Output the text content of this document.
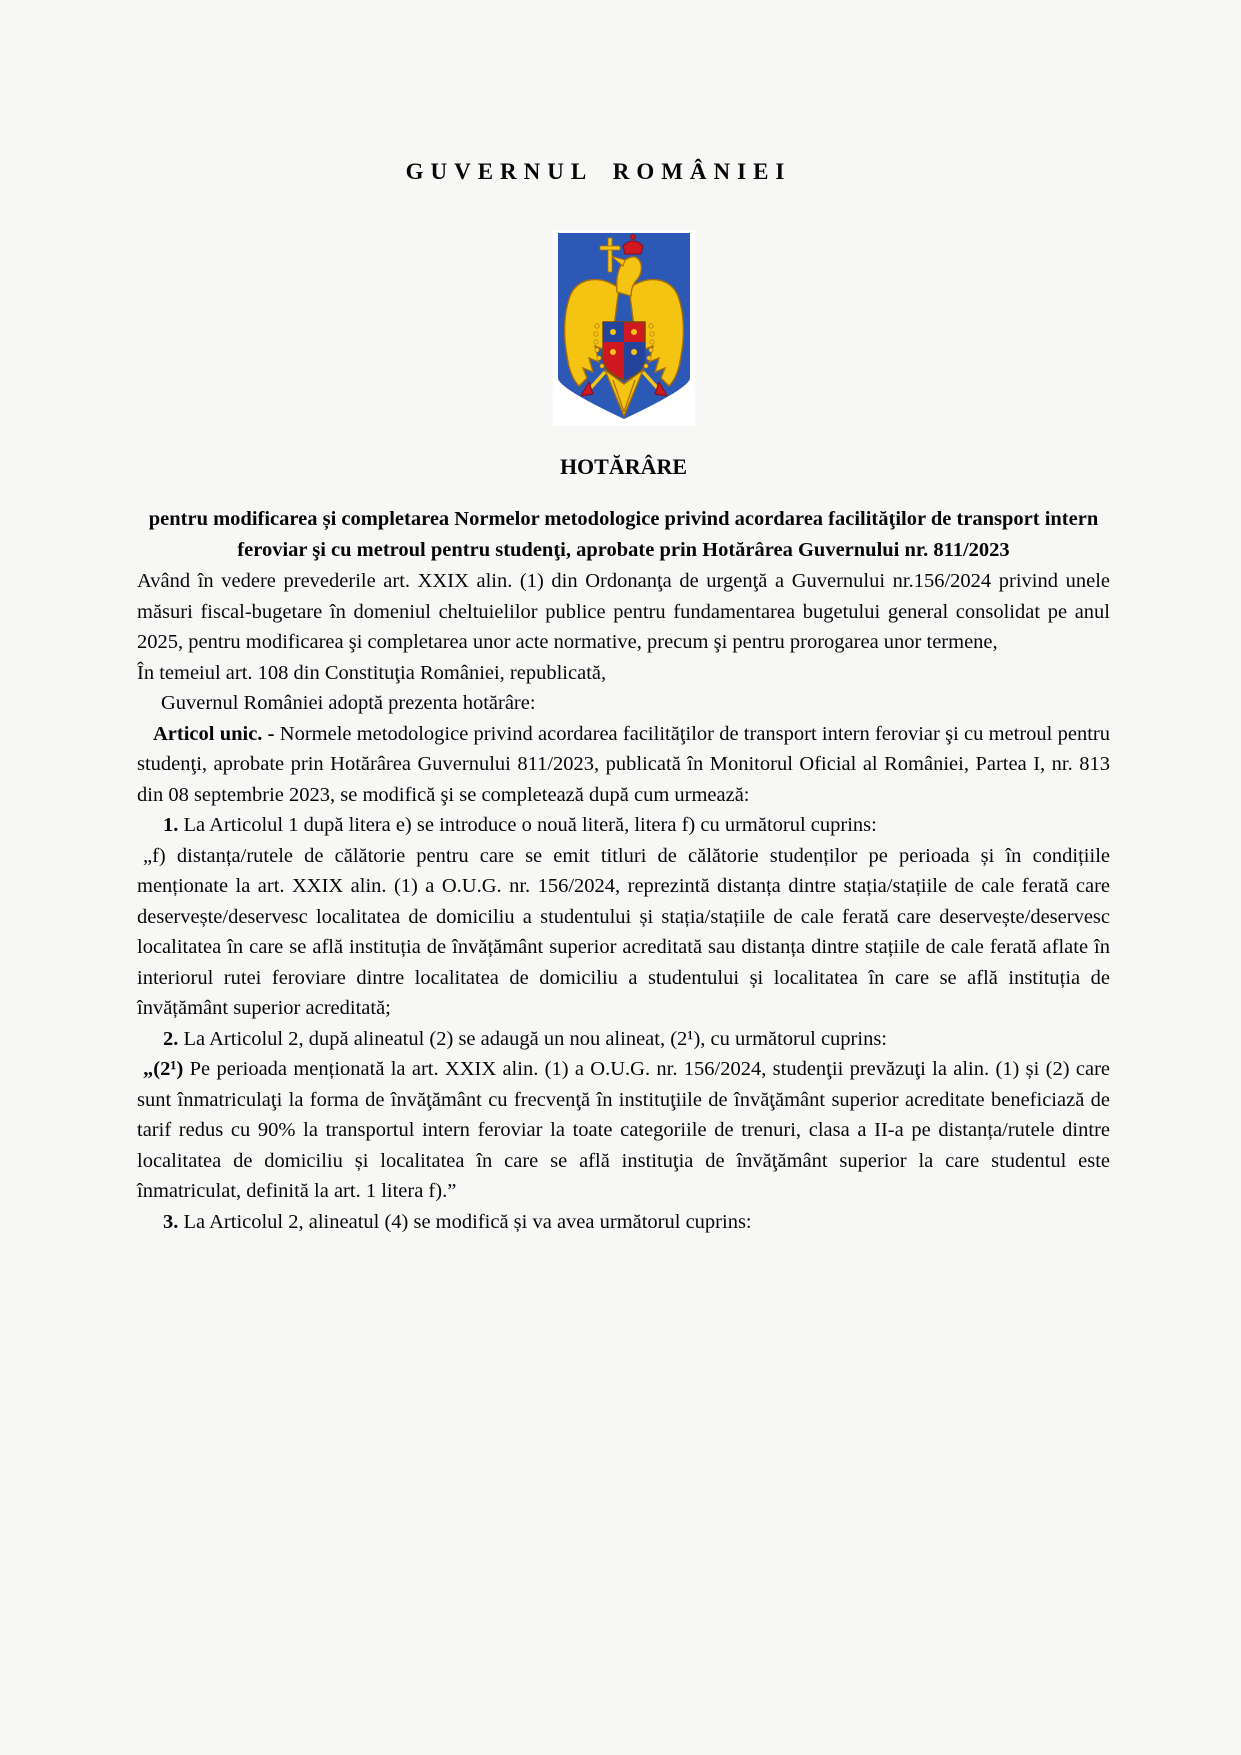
GUVERNUL ROMÂNIEI
HOTĂRÂRE
pentru modificarea și completarea Normelor metodologice privind acordarea facilităţilor de transport intern feroviar şi cu metroul pentru studenţi, aprobate prin Hotărârea Guvernului nr. 811/2023

Având în vedere prevederile art. XXIX alin. (1) din Ordonanţa de urgenţă a Guvernului nr.156/2024 privind unele măsuri fiscal-bugetare în domeniul cheltuielilor publice pentru fundamentarea bugetului general consolidat pe anul 2025, pentru modificarea şi completarea unor acte normative, precum şi pentru prorogarea unor termene,

În temeiul art. 108 din Constituţia României, republicată,

Guvernul României adoptă prezenta hotărâre:

Articol unic. - Normele metodologice privind acordarea facilităţilor de transport intern feroviar şi cu metroul pentru studenţi, aprobate prin Hotărârea Guvernului 811/2023, publicată în Monitorul Oficial al României, Partea I, nr. 813 din 08 septembrie 2023, se modifică şi se completează după cum urmează:

1. La Articolul 1 după litera e) se introduce o nouă literă, litera f) cu următorul cuprins:

„f) distanța/rutele de călătorie pentru care se emit titluri de călătorie studenților pe perioada și în condițiile menționate la art. XXIX alin. (1) a O.U.G. nr. 156/2024, reprezintă distanța dintre stația/stațiile de cale ferată care deservește/deservesc localitatea de domiciliu a studentului și stația/stațiile de cale ferată care deservește/deservesc localitatea în care se află instituția de învățământ superior acreditată sau distanța dintre stațiile de cale ferată aflate în interiorul rutei feroviare dintre localitatea de domiciliu a studentului și localitatea în care se află instituția de învățământ superior acreditată;

2. La Articolul 2, după alineatul (2) se adaugă un nou alineat, (2¹), cu următorul cuprins:

„(2¹) Pe perioada menționată la art. XXIX alin. (1) a O.U.G. nr. 156/2024, studenţii prevăzuţi la alin. (1) și (2) care sunt înmatriculaţi la forma de învăţământ cu frecvenţă în instituţiile de învăţământ superior acreditate beneficiază de tarif redus cu 90% la transportul intern feroviar la toate categoriile de trenuri, clasa a II-a pe distanța/rutele dintre localitatea de domiciliu și localitatea în care se află instituţia de învăţământ superior la care studentul este înmatriculat, definită la art. 1 litera f).”

3. La Articolul 2, alineatul (4) se modifică și va avea următorul cuprins:
